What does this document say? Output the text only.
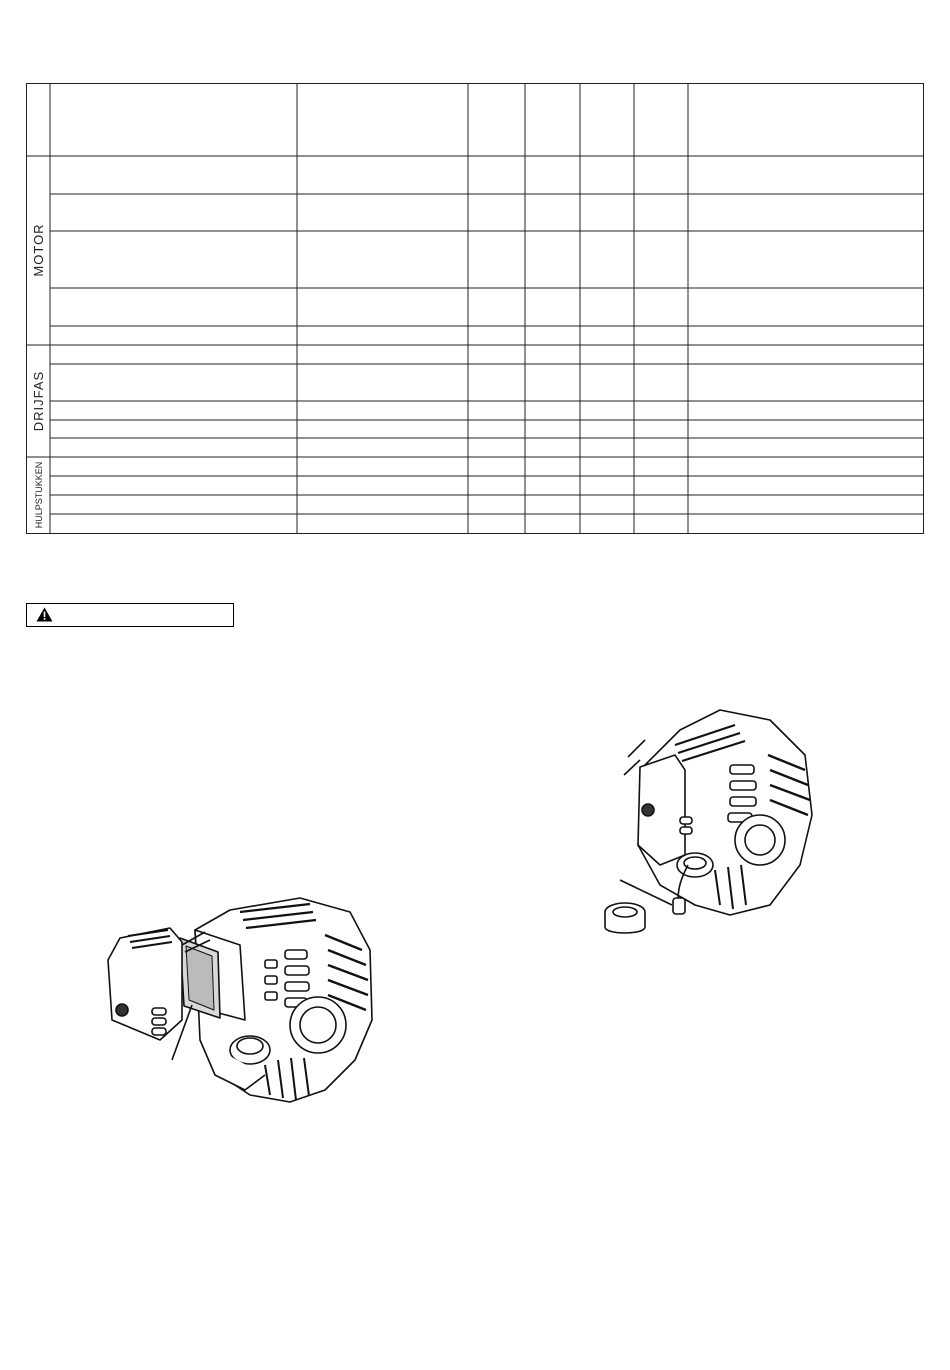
MOTOR
DRIJFAS
HULPSTUKKEN
